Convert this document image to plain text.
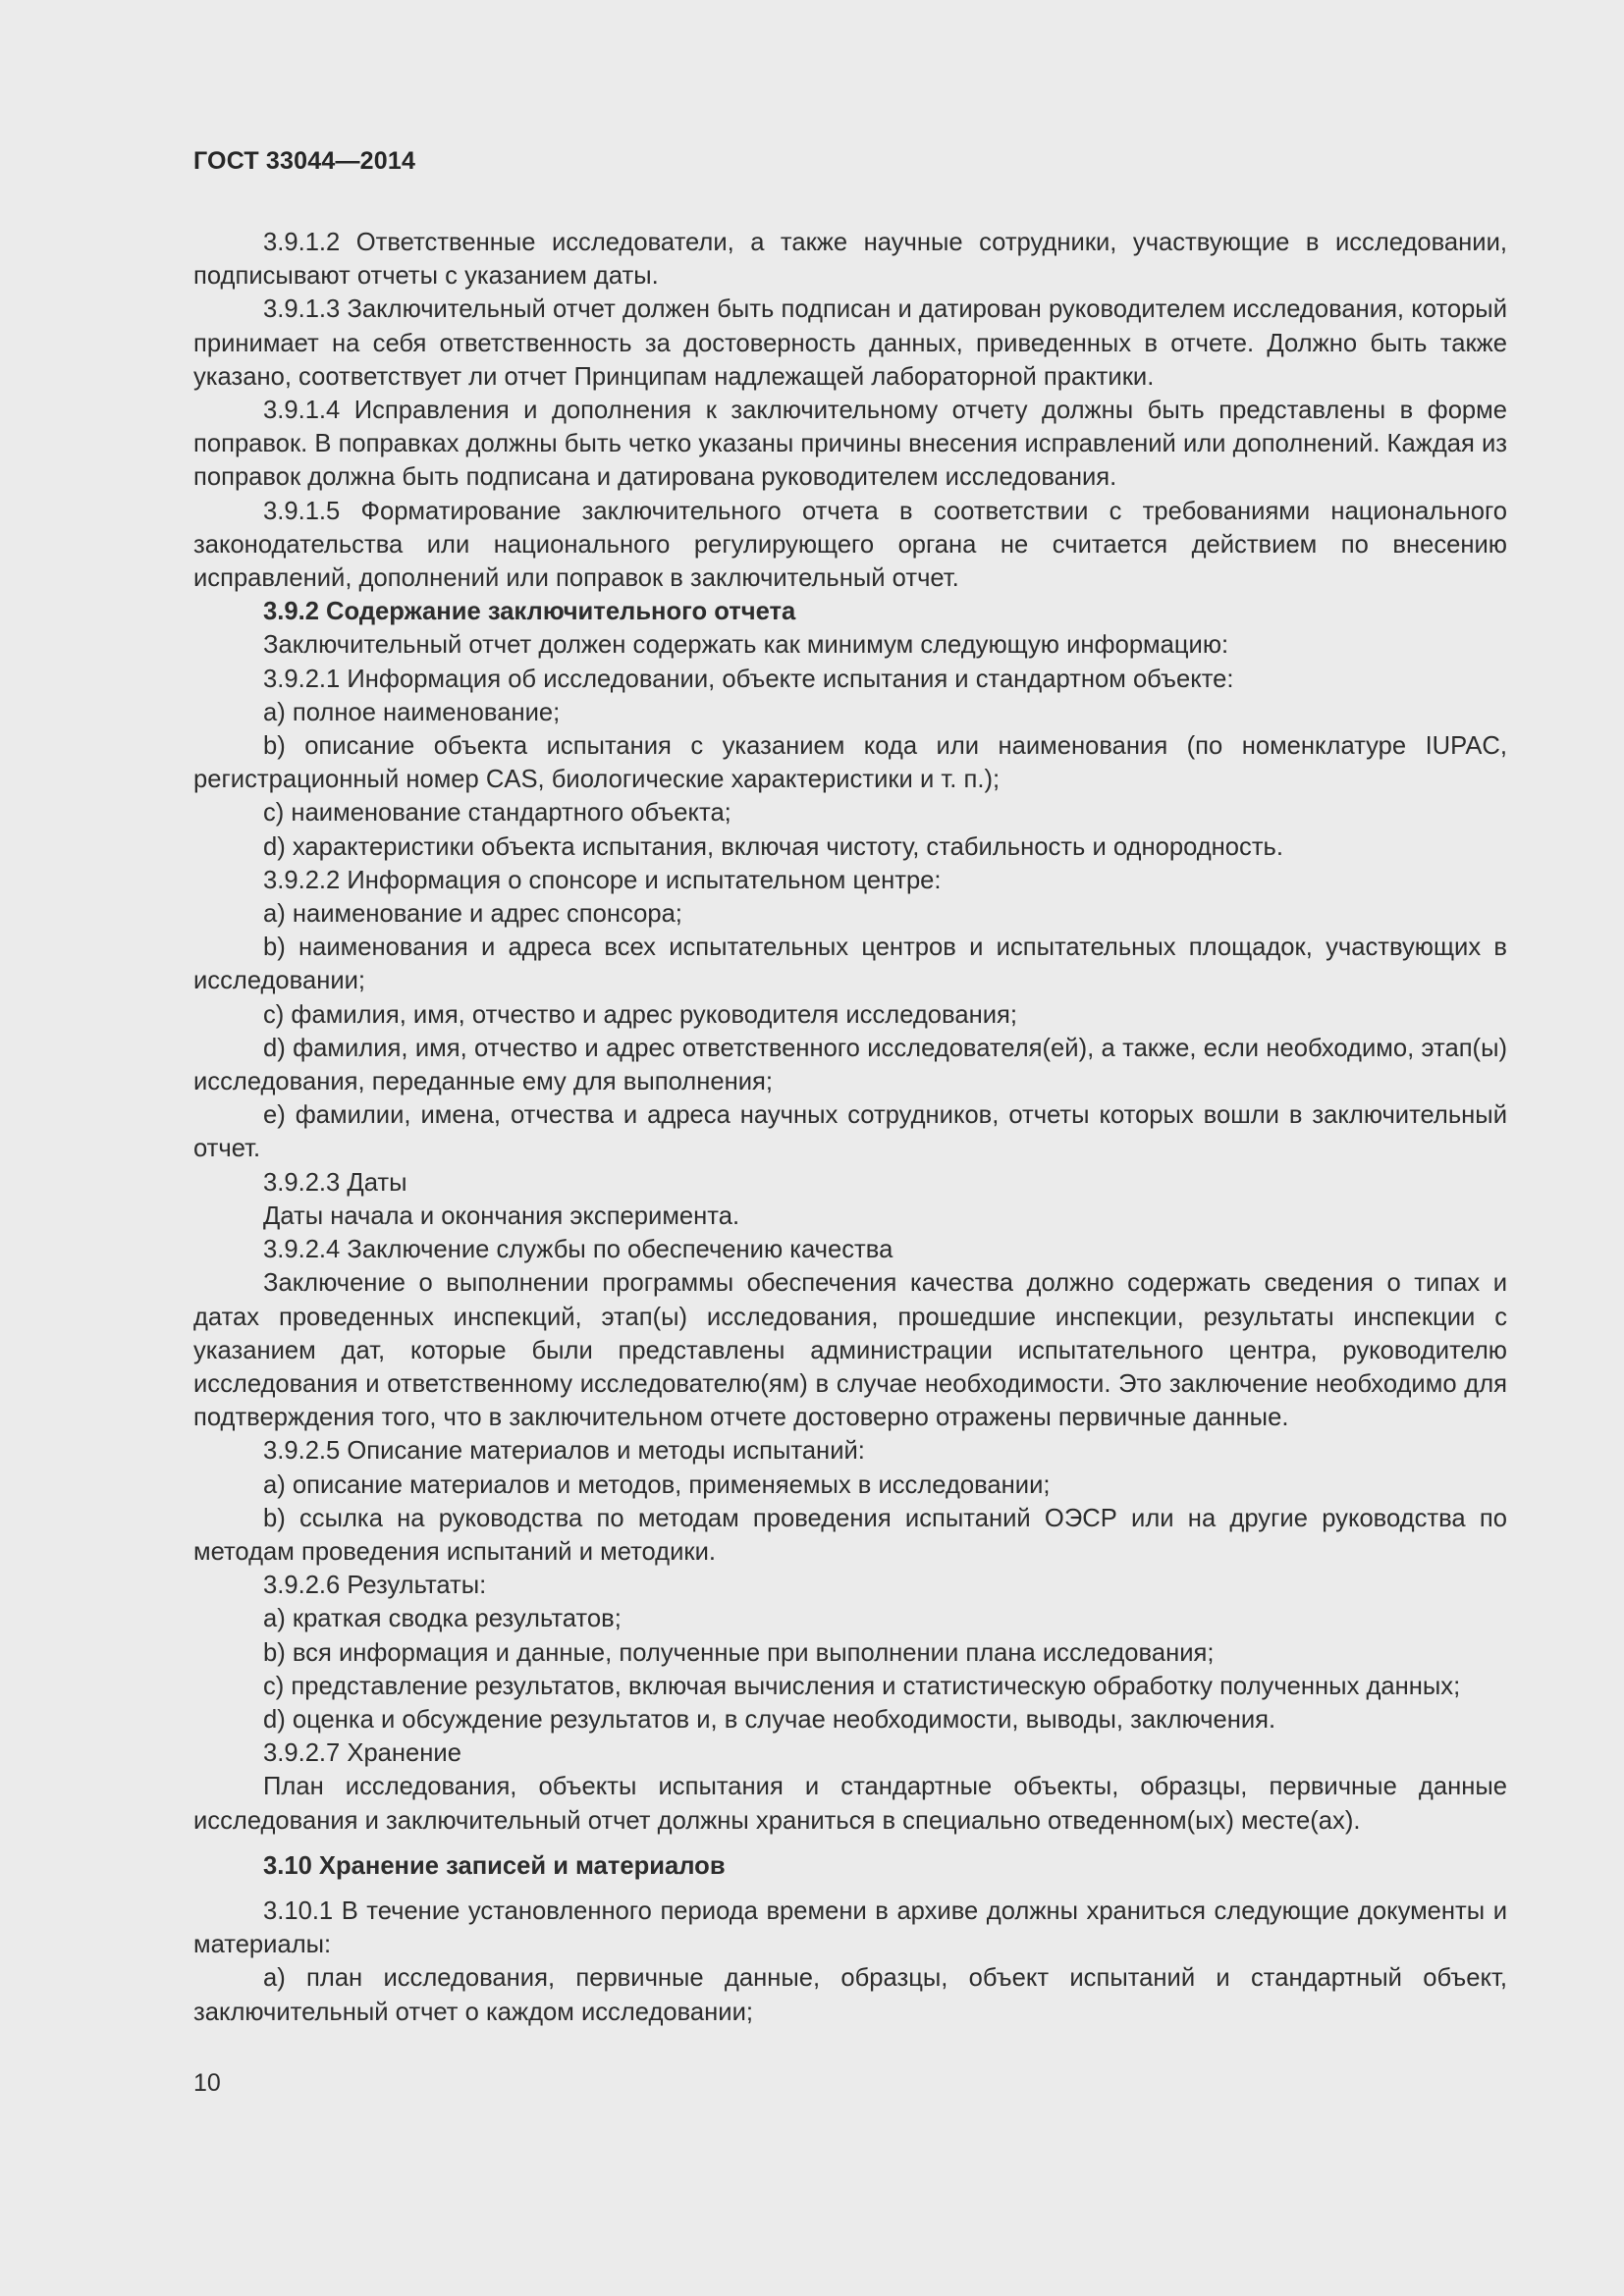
ГОСТ 33044—2014

3.9.1.2 Ответственные исследователи, а также научные сотрудники, участвующие в исследовании, подписывают отчеты с указанием даты.

3.9.1.3 Заключительный отчет должен быть подписан и датирован руководителем исследования, который принимает на себя ответственность за достоверность данных, приведенных в отчете. Должно быть также указано, соответствует ли отчет Принципам надлежащей лабораторной практики.

3.9.1.4 Исправления и дополнения к заключительному отчету должны быть представлены в форме поправок. В поправках должны быть четко указаны причины внесения исправлений или дополнений. Каждая из поправок должна быть подписана и датирована руководителем исследования.

3.9.1.5 Форматирование заключительного отчета в соответствии с требованиями национального законодательства или национального регулирующего органа не считается действием по внесению исправлений, дополнений или поправок в заключительный отчет.

3.9.2 Содержание заключительного отчета

Заключительный отчет должен содержать как минимум следующую информацию:

3.9.2.1 Информация об исследовании, объекте испытания и стандартном объекте:

a) полное наименование;

b) описание объекта испытания с указанием кода или наименования (по номенклатуре IUPAC, регистрационный номер CAS, биологические характеристики и т. п.);

c) наименование стандартного объекта;

d) характеристики объекта испытания, включая чистоту, стабильность и однородность.

3.9.2.2 Информация о спонсоре и испытательном центре:

a) наименование и адрес спонсора;

b) наименования и адреса всех испытательных центров и испытательных площадок, участвующих в исследовании;

c) фамилия, имя, отчество и адрес руководителя исследования;

d) фамилия, имя, отчество и адрес ответственного исследователя(ей), а также, если необходимо, этап(ы) исследования, переданные ему для выполнения;

e) фамилии, имена, отчества и адреса научных сотрудников, отчеты которых вошли в заключительный отчет.

3.9.2.3 Даты

Даты начала и окончания эксперимента.

3.9.2.4 Заключение службы по обеспечению качества

Заключение о выполнении программы обеспечения качества должно содержать сведения о типах и датах проведенных инспекций, этап(ы) исследования, прошедшие инспекции, результаты инспекции с указанием дат, которые были представлены администрации испытательного центра, руководителю исследования и ответственному исследователю(ям) в случае необходимости. Это заключение необходимо для подтверждения того, что в заключительном отчете достоверно отражены первичные данные.

3.9.2.5 Описание материалов и методы испытаний:

a) описание материалов и методов, применяемых в исследовании;

b) ссылка на руководства по методам проведения испытаний ОЭСР или на другие руководства по методам проведения испытаний и методики.

3.9.2.6 Результаты:

a) краткая сводка результатов;

b) вся информация и данные, полученные при выполнении плана исследования;

c) представление результатов, включая вычисления и статистическую обработку полученных данных;

d) оценка и обсуждение результатов и, в случае необходимости, выводы, заключения.

3.9.2.7 Хранение

План исследования, объекты испытания и стандартные объекты, образцы, первичные данные исследования и заключительный отчет должны храниться в специально отведенном(ых) месте(ах).

3.10 Хранение записей и материалов

3.10.1 В течение установленного периода времени в архиве должны храниться следующие документы и материалы:

a) план исследования, первичные данные, образцы, объект испытаний и стандартный объект, заключительный отчет о каждом исследовании;

10
